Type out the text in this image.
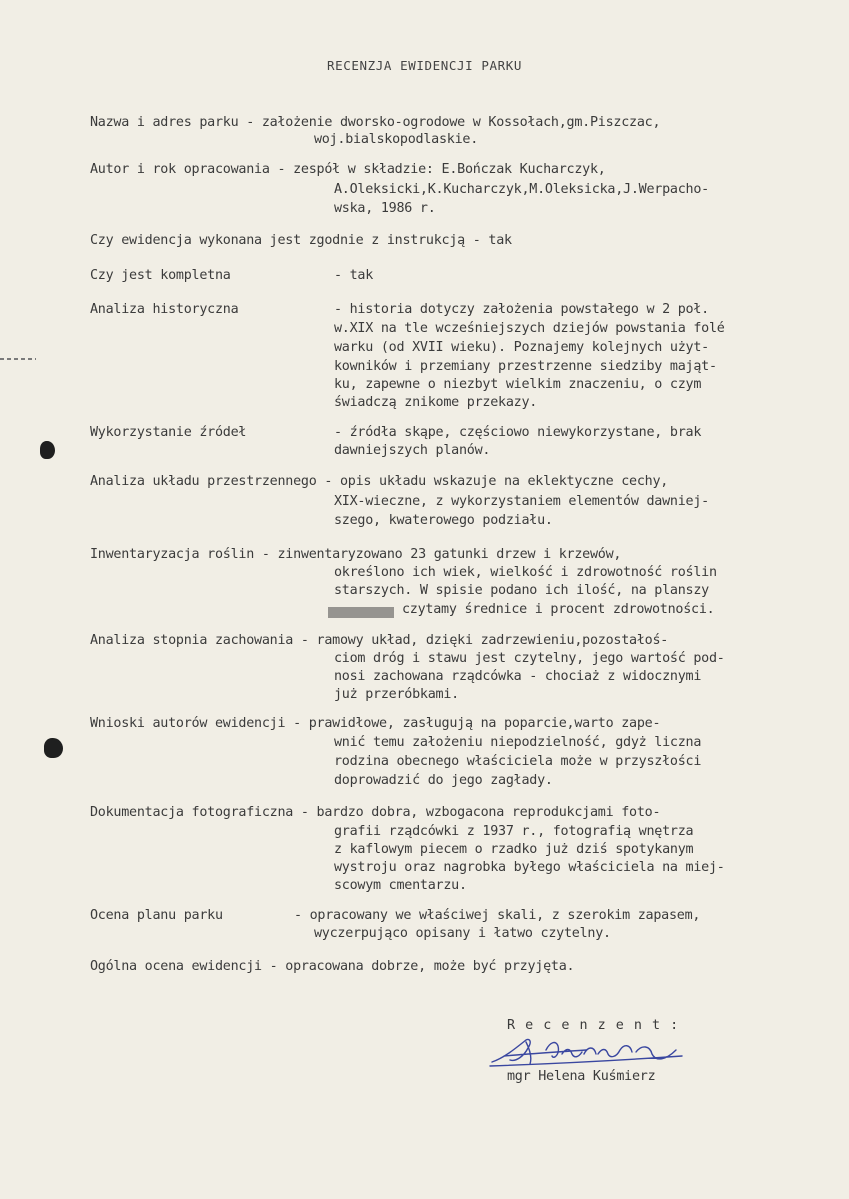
RECENZJA EWIDENCJI PARKU
Nazwa i adres parku - założenie dworsko-ogrodowe w Kossołach,gm.Piszczac,
woj.bialskopodlaskie.
Autor i rok opracowania - zespół w składzie: E.Bończak Kucharczyk,
A.Oleksicki,K.Kucharczyk,M.Oleksicka,J.Werpacho-
wska, 1986 r.
Czy ewidencja wykonana jest zgodnie z instrukcją - tak
Czy jest kompletna	- tak
Analiza historyczna	- historia dotyczy założenia powstałego w 2 poł.
w.XIX na tle wcześniejszych dziejów powstania folé
warku (od XVII wieku). Poznajemy kolejnych użyt-
kowników i przemiany przestrzenne siedziby mająt-
ku, zapewne o niezbyt wielkim znaczeniu, o czym
świadczą znikome przekazy.
Wykorzystanie źródeł	- źródła skąpe, częściowo niewykorzystane, brak
dawniejszych planów.
Analiza układu przestrzennego - opis układu wskazuje na eklektyczne cechy,
XIX-wieczne, z wykorzystaniem elementów dawniej-
szego, kwaterowego podziału.
Inwentaryzacja roślin - zinwentaryzowano 23 gatunki drzew i krzewów,
określono ich wiek, wielkość i zdrowotność roślin
starszych. W spisie podano ich ilość, na planszy
czytamy średnice i procent zdrowotności.
Analiza stopnia zachowania - ramowy układ, dzięki zadrzewieniu,pozostałoś-
ciom dróg i stawu jest czytelny, jego wartość pod-
nosi zachowana rządcówka - chociaż z widocznymi
już przeróbkami.
Wnioski autorów ewidencji - prawidłowe, zasługują na poparcie,warto zape-
wnić temu założeniu niepodzielność, gdyż liczna
rodzina obecnego właściciela może w przyszłości
doprowadzić do jego zagłady.
Dokumentacja fotograficzna - bardzo dobra, wzbogacona reprodukcjami foto-
grafii rządcówki z 1937 r., fotografią wnętrza
z kaflowym piecem o rzadko już dziś spotykanym
wystroju oraz nagrobka byłego właściciela na miej-
scowym cmentarzu.
Ocena planu parku	- opracowany we właściwej skali, z szerokim zapasem,
wyczerpująco opisany i łatwo czytelny.
Ogólna ocena ewidencji - opracowana dobrze, może być przyjęta.
R e c e n z e n t :
mgr Helena Kuśmierz
